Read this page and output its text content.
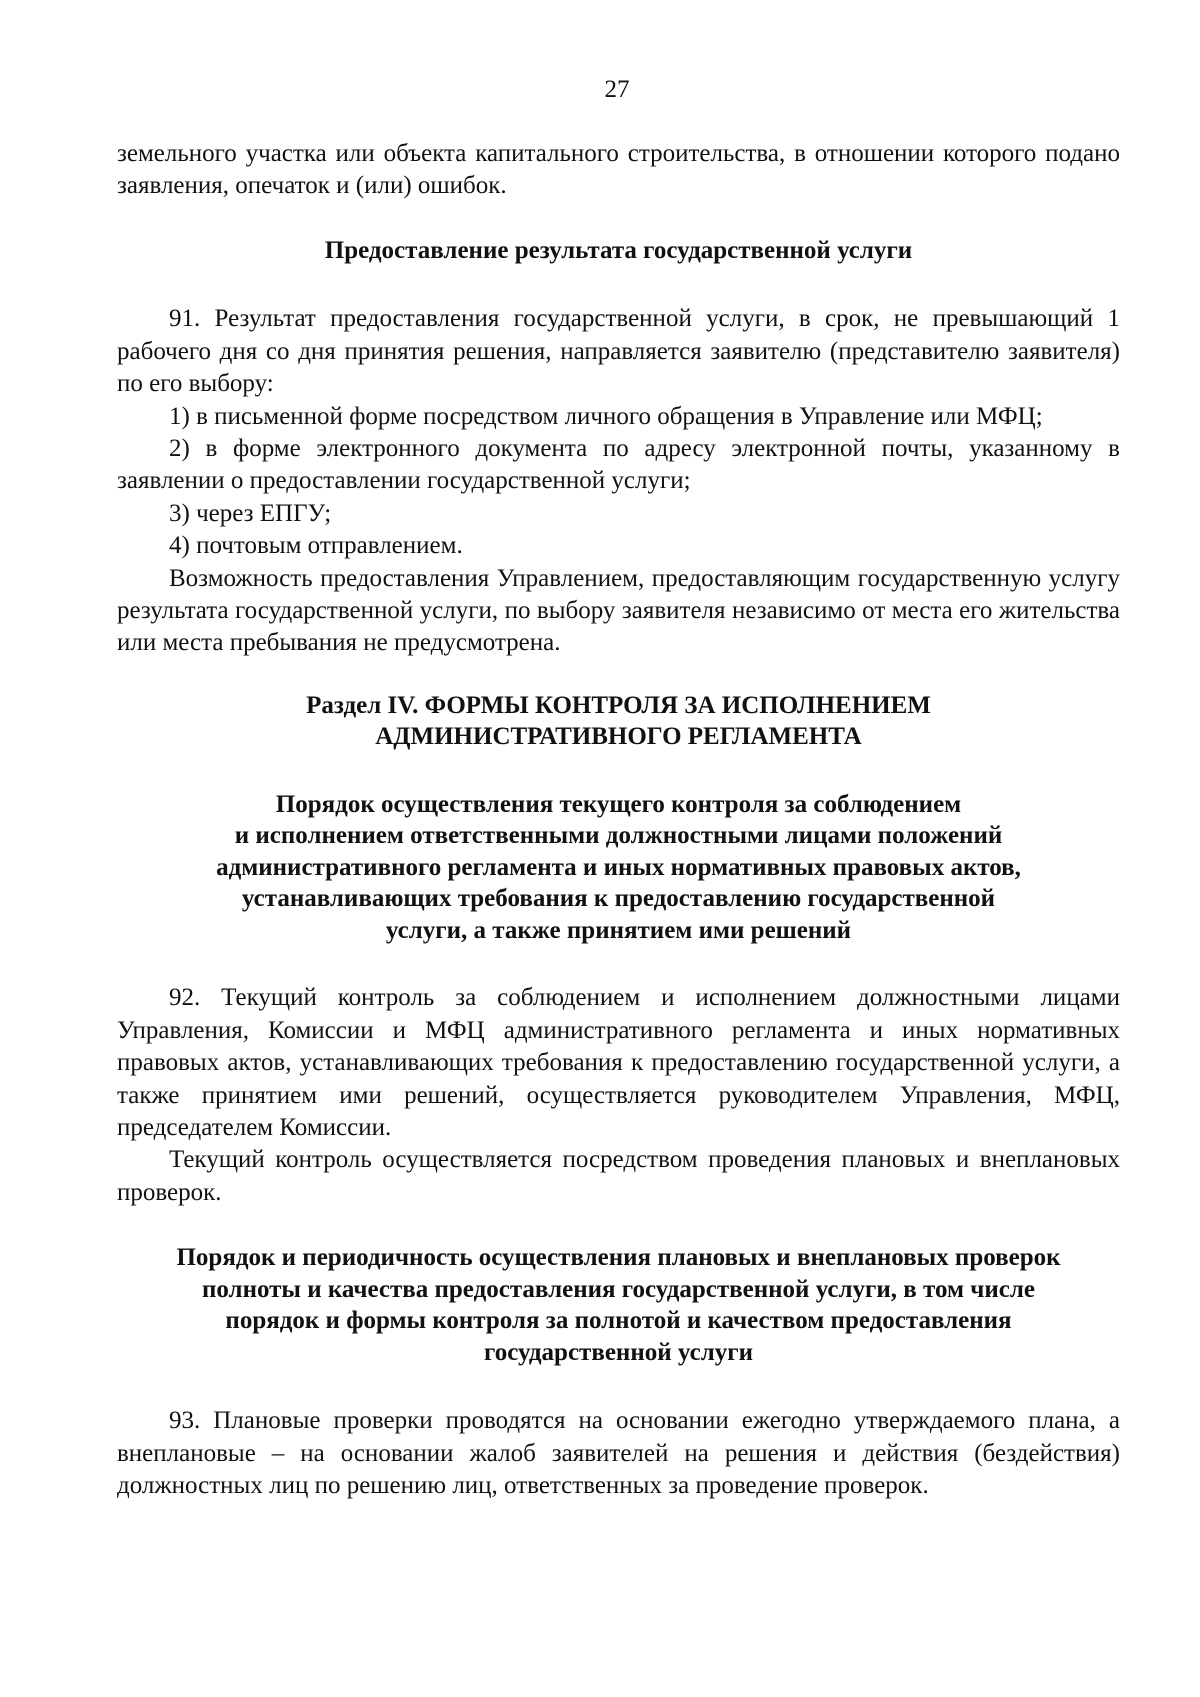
27

земельного участка или объекта капитального строительства, в отношении которого подано заявления, опечаток и (или) ошибок.

Предоставление результата государственной услуги

91. Результат предоставления государственной услуги, в срок, не превышающий 1 рабочего дня со дня принятия решения, направляется заявителю (представителю заявителя) по его выбору:

1) в письменной форме посредством личного обращения в Управление или МФЦ;

2) в форме электронного документа по адресу электронной почты, указанному в заявлении о предоставлении государственной услуги;

3) через ЕПГУ;

4) почтовым отправлением.

Возможность предоставления Управлением, предоставляющим государственную услугу результата государственной услуги, по выбору заявителя независимо от места его жительства или места пребывания не предусмотрена.

Раздел IV. ФОРМЫ КОНТРОЛЯ ЗА ИСПОЛНЕНИЕМ
АДМИНИСТРАТИВНОГО РЕГЛАМЕНТА
Порядок осуществления текущего контроля за соблюдением
и исполнением ответственными должностными лицами положений
административного регламента и иных нормативных правовых актов,
устанавливающих требования к предоставлению государственной
услуги, а также принятием ими решений

92. Текущий контроль за соблюдением и исполнением должностными лицами Управления, Комиссии и МФЦ административного регламента и иных нормативных правовых актов, устанавливающих требования к предоставлению государственной услуги, а также принятием ими решений, осуществляется руководителем Управления, МФЦ, председателем Комиссии.

Текущий контроль осуществляется посредством проведения плановых и внеплановых проверок.

Порядок и периодичность осуществления плановых и внеплановых проверок
полноты и качества предоставления государственной услуги, в том числе
порядок и формы контроля за полнотой и качеством предоставления
государственной услуги

93. Плановые проверки проводятся на основании ежегодно утверждаемого плана, а внеплановые – на основании жалоб заявителей на решения и действия (бездействия) должностных лиц по решению лиц, ответственных за проведение проверок.
